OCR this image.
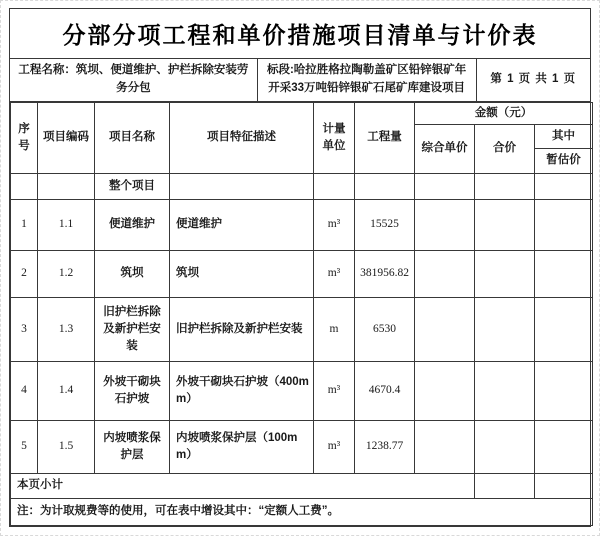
分部分项工程和单价措施项目清单与计价表
工程名称：筑坝、便道维护、护栏拆除安装劳务分包
标段:哈拉胜格拉陶勒盖矿区铅锌银矿年开采33万吨铅锌银矿石尾矿库建设项目
第 1 页 共 1 页
序号	项目编码	项目名称	项目特征描述	计量单位	工程量	金额（元）		
						综合单价	合价	其中
								暂估价
		整个项目						
1	1.1	便道维护	便道维护	m³	15525			
2	1.2	筑坝	筑坝	m³	381956.82			
3	1.3	旧护栏拆除及新护栏安装	旧护栏拆除及新护栏安装	m	6530			
4	1.4	外坡干砌块石护坡	外坡干砌块石护坡（400mm）	m³	4670.4			
5	1.5	内坡喷浆保护层	内坡喷浆保护层（100mm）	m³	1238.77			
本页小计								
注：为计取规费等的使用，可在表中增设其中：“定额人工费”。								
